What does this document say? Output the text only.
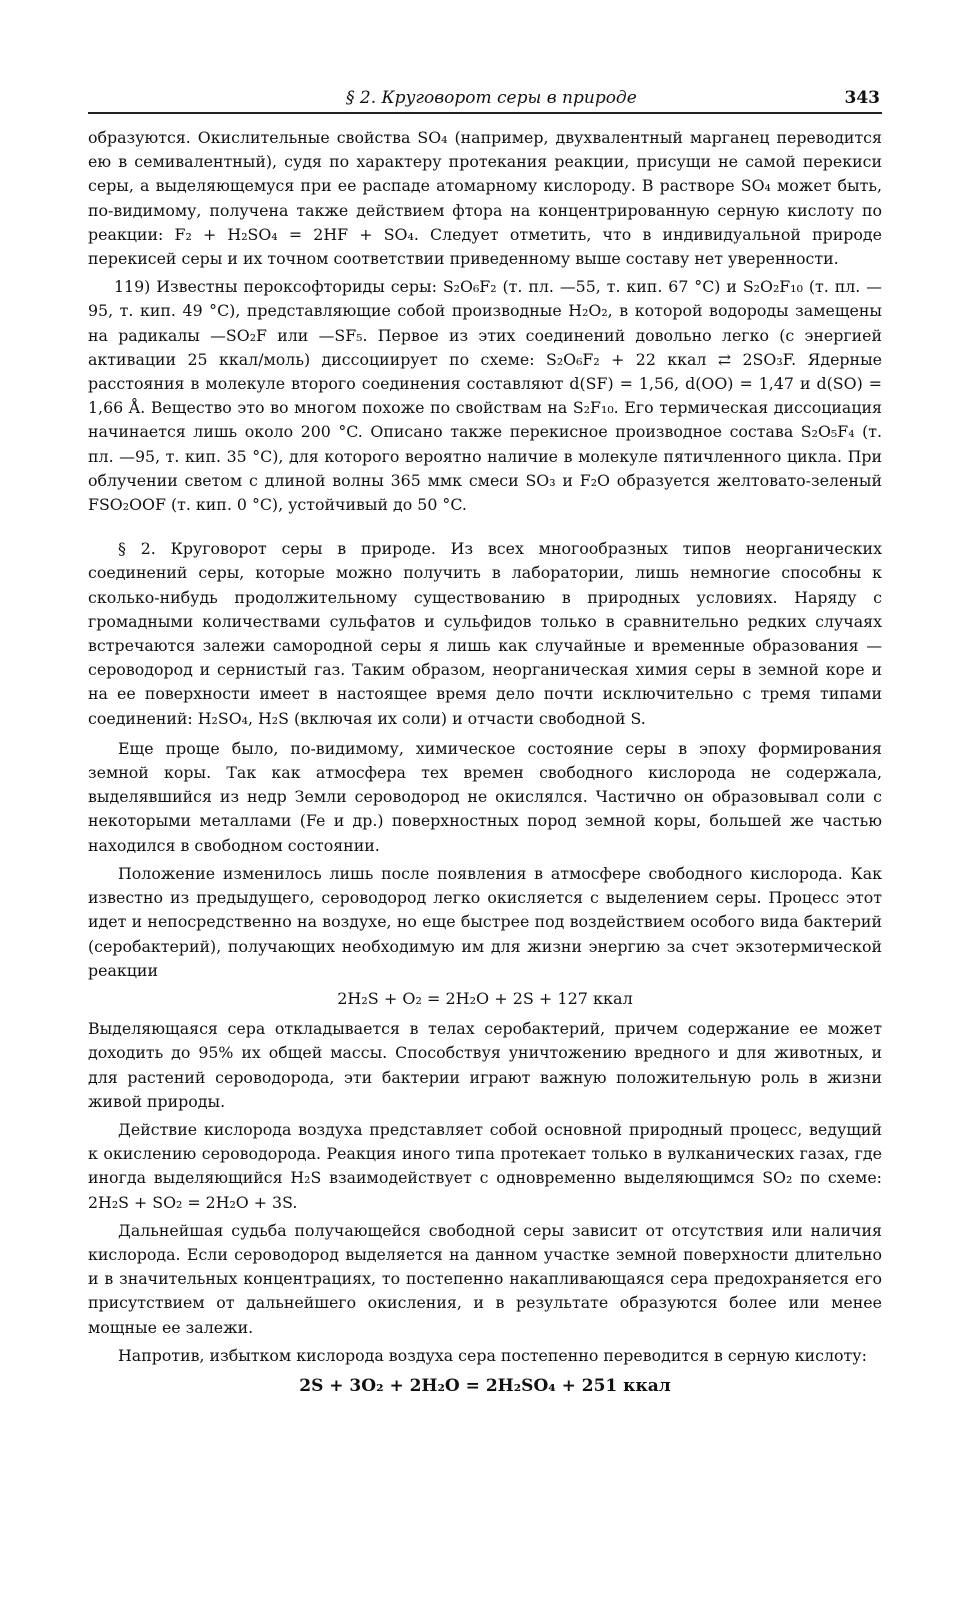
§ 2. Круговорот серы в природе	343

образуются. Окислительные свойства SO₄ (например, двухвалентный марганец переводится ею в семивалентный), судя по характеру протекания реакции, присущи не самой перекиси серы, а выделяющемуся при ее распаде атомарному кислороду. В растворе SO₄ может быть, по-видимому, получена также действием фтора на концентрированную серную кислоту по реакции: F₂ + H₂SO₄ = 2HF + SO₄. Следует отметить, что в индивидуальной природе перекисей серы и их точном соответствии приведенному выше составу нет уверенности.

119) Известны пероксофториды серы: S₂O₆F₂ (т. пл. —55, т. кип. 67 °C) и S₂O₂F₁₀ (т. пл. —95, т. кип. 49 °C), представляющие собой производные H₂O₂, в которой водороды замещены на радикалы —SO₂F или —SF₅. Первое из этих соединений довольно легко (с энергией активации 25 ккал/моль) диссоциирует по схеме: S₂O₆F₂ + 22 ккал ⇄ 2SO₃F. Ядерные расстояния в молекуле второго соединения составляют d(SF) = 1,56, d(OO) = 1,47 и d(SO) = 1,66 Å. Вещество это во многом похоже по свойствам на S₂F₁₀. Его термическая диссоциация начинается лишь около 200 °C. Описано также перекисное производное состава S₂O₅F₄ (т. пл. —95, т. кип. 35 °C), для которого вероятно наличие в молекуле пятичленного цикла. При облучении светом с длиной волны 365 ммк смеси SO₃ и F₂O образуется желтовато-зеленый FSO₂OOF (т. кип. 0 °C), устойчивый до 50 °C.

§ 2. Круговорот серы в природе. Из всех многообразных типов неорганических соединений серы, которые можно получить в лаборатории, лишь немногие способны к сколько-нибудь продолжительному существованию в природных условиях. Наряду с громадными количествами сульфатов и сульфидов только в сравнительно редких случаях встречаются залежи самородной серы я лишь как случайные и временные образования — сероводород и сернистый газ. Таким образом, неорганическая химия серы в земной коре и на ее поверхности имеет в настоящее время дело почти исключительно с тремя типами соединений: H₂SO₄, H₂S (включая их соли) и отчасти свободной S.

Еще проще было, по-видимому, химическое состояние серы в эпоху формирования земной коры. Так как атмосфера тех времен свободного кислорода не содержала, выделявшийся из недр Земли сероводород не окислялся. Частично он образовывал соли с некоторыми металлами (Fe и др.) поверхностных пород земной коры, большей же частью находился в свободном состоянии.

Положение изменилось лишь после появления в атмосфере свободного кислорода. Как известно из предыдущего, сероводород легко окисляется с выделением серы. Процесс этот идет и непосредственно на воздухе, но еще быстрее под воздействием особого вида бактерий (серобактерий), получающих необходимую им для жизни энергию за счет экзотермической реакции

2H₂S + O₂ = 2H₂O + 2S + 127 ккал

Выделяющаяся сера откладывается в телах серобактерий, причем содержание ее может доходить до 95% их общей массы. Способствуя уничтожению вредного и для животных, и для растений сероводорода, эти бактерии играют важную положительную роль в жизни живой природы.

Действие кислорода воздуха представляет собой основной природный процесс, ведущий к окислению сероводорода. Реакция иного типа протекает только в вулканических газах, где иногда выделяющийся H₂S взаимодействует с одновременно выделяющимся SO₂ по схеме: 2H₂S + SO₂ = 2H₂O + 3S.

Дальнейшая судьба получающейся свободной серы зависит от отсутствия или наличия кислорода. Если сероводород выделяется на данном участке земной поверхности длительно и в значительных концентрациях, то постепенно накапливающаяся сера предохраняется его присутствием от дальнейшего окисления, и в результате образуются более или менее мощные ее залежи.

Напротив, избытком кислорода воздуха сера постепенно переводится в серную кислоту:

2S + 3O₂ + 2H₂O = 2H₂SO₄ + 251 ккал
